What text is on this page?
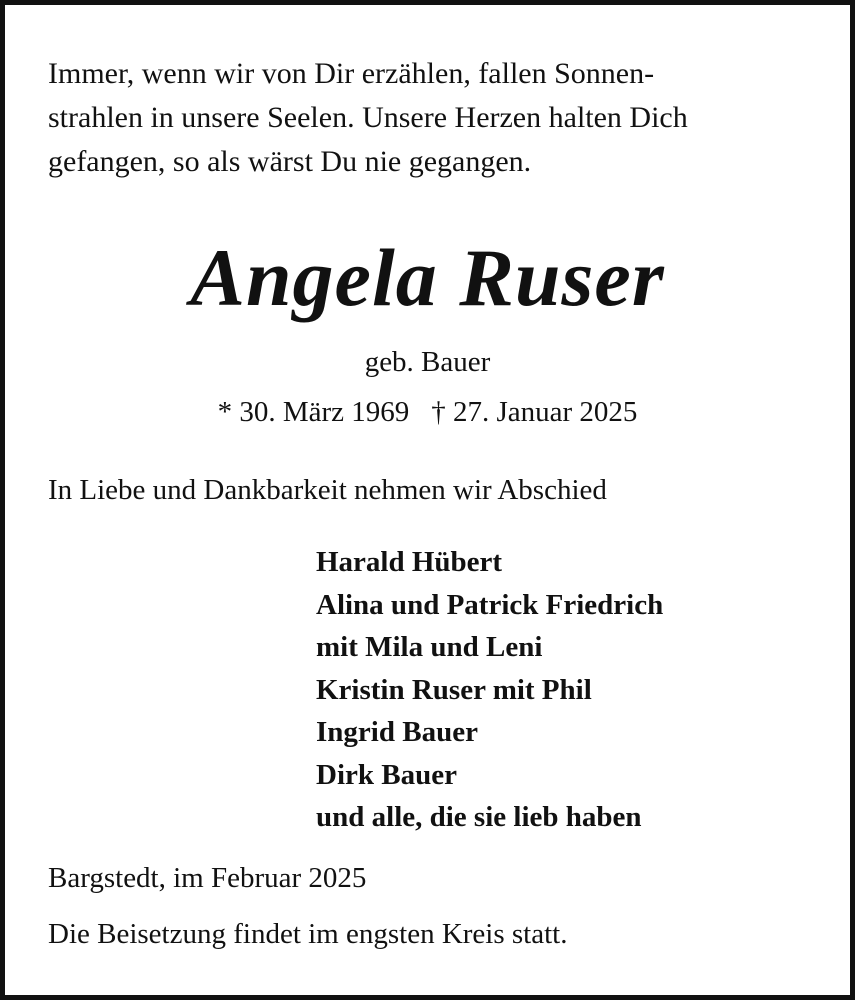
Immer, wenn wir von Dir erzählen, fallen Sonnen-
strahlen in unsere Seelen. Unsere Herzen halten Dich
gefangen, so als wärst Du nie gegangen.

Angela Ruser

geb. Bauer

* 30. März 1969 † 27. Januar 2025

In Liebe und Dankbarkeit nehmen wir Abschied

Harald Hübert
Alina und Patrick Friedrich
mit Mila und Leni
Kristin Ruser mit Phil
Ingrid Bauer
Dirk Bauer
und alle, die sie lieb haben

Bargstedt, im Februar 2025

Die Beisetzung findet im engsten Kreis statt.
